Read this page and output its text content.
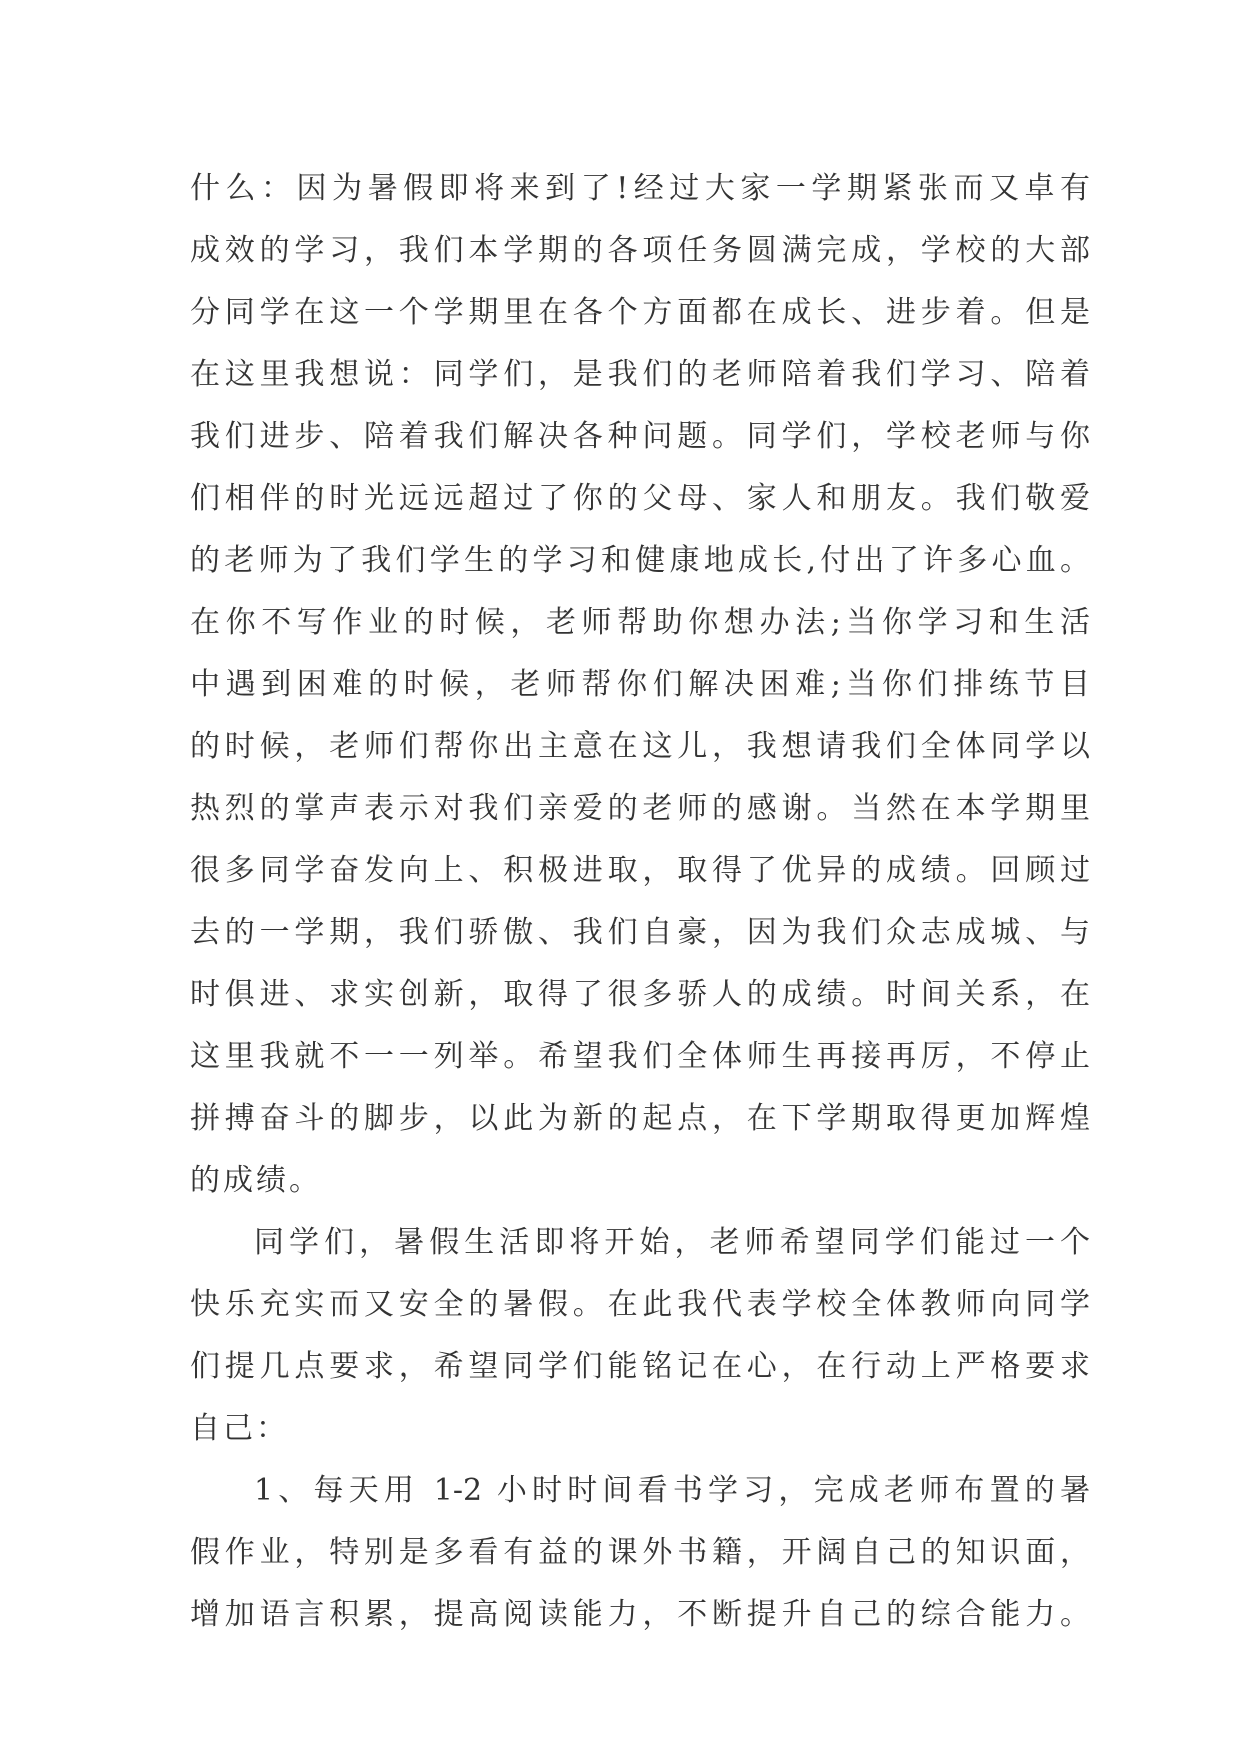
什么：因为暑假即将来到了!经过大家一学期紧张而又卓有
成效的学习，我们本学期的各项任务圆满完成，学校的大部
分同学在这一个学期里在各个方面都在成长、进步着。但是
在这里我想说：同学们，是我们的老师陪着我们学习、陪着
我们进步、陪着我们解决各种问题。同学们，学校老师与你
们相伴的时光远远超过了你的父母、家人和朋友。我们敬爱
的老师为了我们学生的学习和健康地成长,付出了许多心血。
在你不写作业的时候，老师帮助你想办法;当你学习和生活
中遇到困难的时候，老师帮你们解决困难;当你们排练节目
的时候，老师们帮你出主意在这儿，我想请我们全体同学以
热烈的掌声表示对我们亲爱的老师的感谢。当然在本学期里
很多同学奋发向上、积极进取，取得了优异的成绩。回顾过
去的一学期，我们骄傲、我们自豪，因为我们众志成城、与
时俱进、求实创新，取得了很多骄人的成绩。时间关系，在
这里我就不一一列举。希望我们全体师生再接再厉，不停止
拼搏奋斗的脚步，以此为新的起点，在下学期取得更加辉煌
的成绩。
同学们，暑假生活即将开始，老师希望同学们能过一个
快乐充实而又安全的暑假。在此我代表学校全体教师向同学
们提几点要求，希望同学们能铭记在心，在行动上严格要求
自己：
1、每天用 1-2 小时时间看书学习，完成老师布置的暑
假作业，特别是多看有益的课外书籍，开阔自己的知识面，
增加语言积累，提高阅读能力，不断提升自己的综合能力。
